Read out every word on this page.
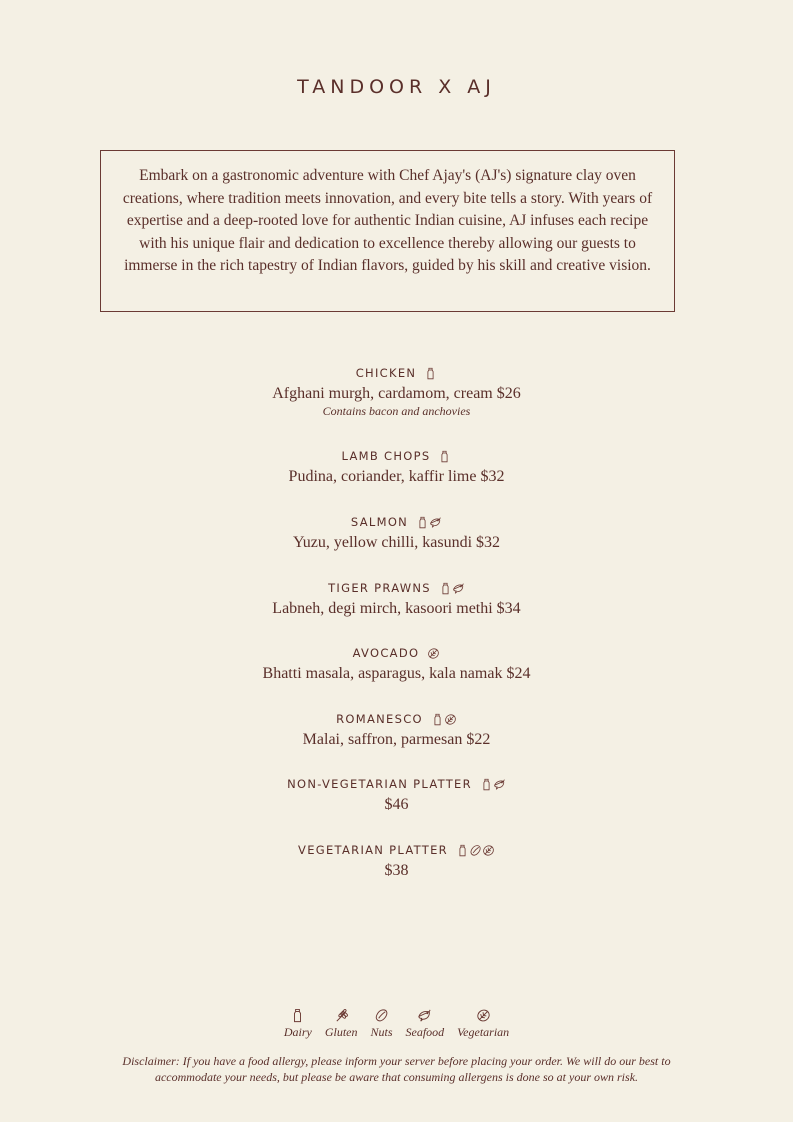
TANDOOR X AJ
Embark on a gastronomic adventure with Chef Ajay's (AJ's) signature clay oven creations, where tradition meets innovation, and every bite tells a story. With years of expertise and a deep-rooted love for authentic Indian cuisine, AJ infuses each recipe with his unique flair and dedication to excellence thereby allowing our guests to immerse in the rich tapestry of Indian flavors, guided by his skill and creative vision.
CHICKEN
Afghani murgh, cardamom, cream $26
Contains bacon and anchovies
LAMB CHOPS
Pudina, coriander, kaffir lime $32
SALMON
Yuzu, yellow chilli, kasundi $32
TIGER PRAWNS
Labneh, degi mirch, kasoori methi $34
AVOCADO
Bhatti masala, asparagus, kala namak $24
ROMANESCO
Malai, saffron, parmesan $22
NON-VEGETARIAN PLATTER
$46
VEGETARIAN PLATTER
$38
Dairy Gluten Nuts Seafood Vegetarian
Disclaimer: If you have a food allergy, please inform your server before placing your order. We will do our best to accommodate your needs, but please be aware that consuming allergens is done so at your own risk.
